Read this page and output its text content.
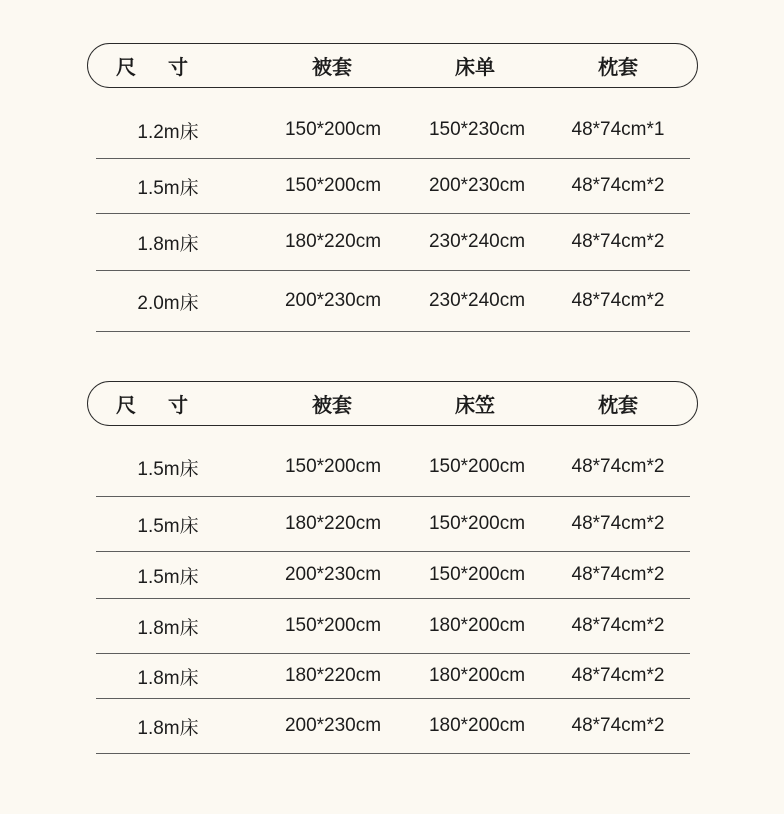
尺　寸	被套	床单	枕套
1.2m床	150*200cm	150*230cm	48*74cm*1
1.5m床	150*200cm	200*230cm	48*74cm*2
1.8m床	180*220cm	230*240cm	48*74cm*2
2.0m床	200*230cm	230*240cm	48*74cm*2
尺　寸	被套	床笠	枕套
1.5m床	150*200cm	150*200cm	48*74cm*2
1.5m床	180*220cm	150*200cm	48*74cm*2
1.5m床	200*230cm	150*200cm	48*74cm*2
1.8m床	150*200cm	180*200cm	48*74cm*2
1.8m床	180*220cm	180*200cm	48*74cm*2
1.8m床	200*230cm	180*200cm	48*74cm*2
